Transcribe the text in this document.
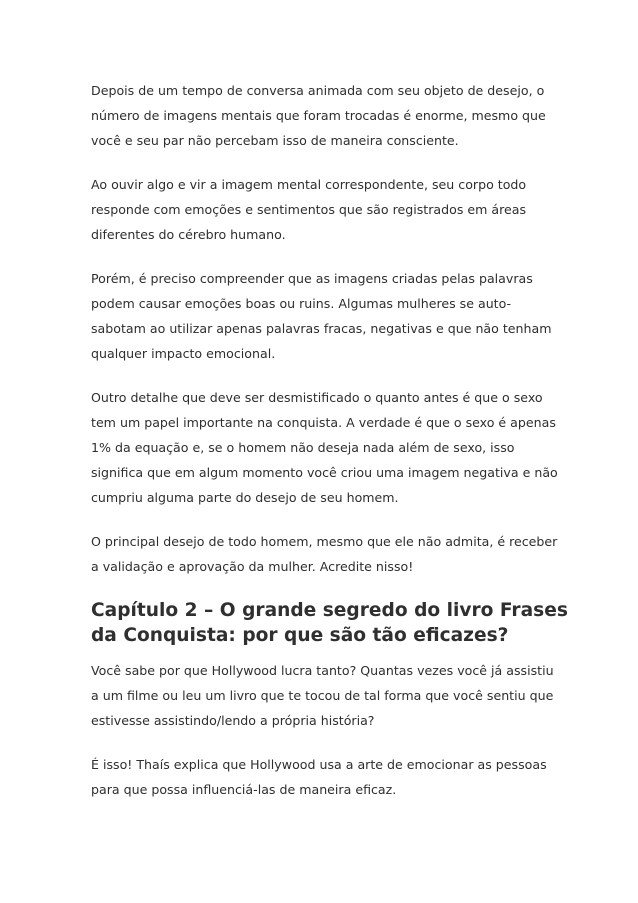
Depois de um tempo de conversa animada com seu objeto de desejo, o
número de imagens mentais que foram trocadas é enorme, mesmo que
você e seu par não percebam isso de maneira consciente.

Ao ouvir algo e vir a imagem mental correspondente, seu corpo todo
responde com emoções e sentimentos que são registrados em áreas
diferentes do cérebro humano.

Porém, é preciso compreender que as imagens criadas pelas palavras
podem causar emoções boas ou ruins. Algumas mulheres se auto-
sabotam ao utilizar apenas palavras fracas, negativas e que não tenham
qualquer impacto emocional.

Outro detalhe que deve ser desmistificado o quanto antes é que o sexo
tem um papel importante na conquista. A verdade é que o sexo é apenas
1% da equação e, se o homem não deseja nada além de sexo, isso
significa que em algum momento você criou uma imagem negativa e não
cumpriu alguma parte do desejo de seu homem.

O principal desejo de todo homem, mesmo que ele não admita, é receber
a validação e aprovação da mulher. Acredite nisso!

Capítulo 2 – O grande segredo do livro Frases
da Conquista: por que são tão eficazes?

Você sabe por que Hollywood lucra tanto? Quantas vezes você já assistiu
a um filme ou leu um livro que te tocou de tal forma que você sentiu que
estivesse assistindo/lendo a própria história?

É isso! Thaís explica que Hollywood usa a arte de emocionar as pessoas
para que possa influenciá-las de maneira eficaz.
